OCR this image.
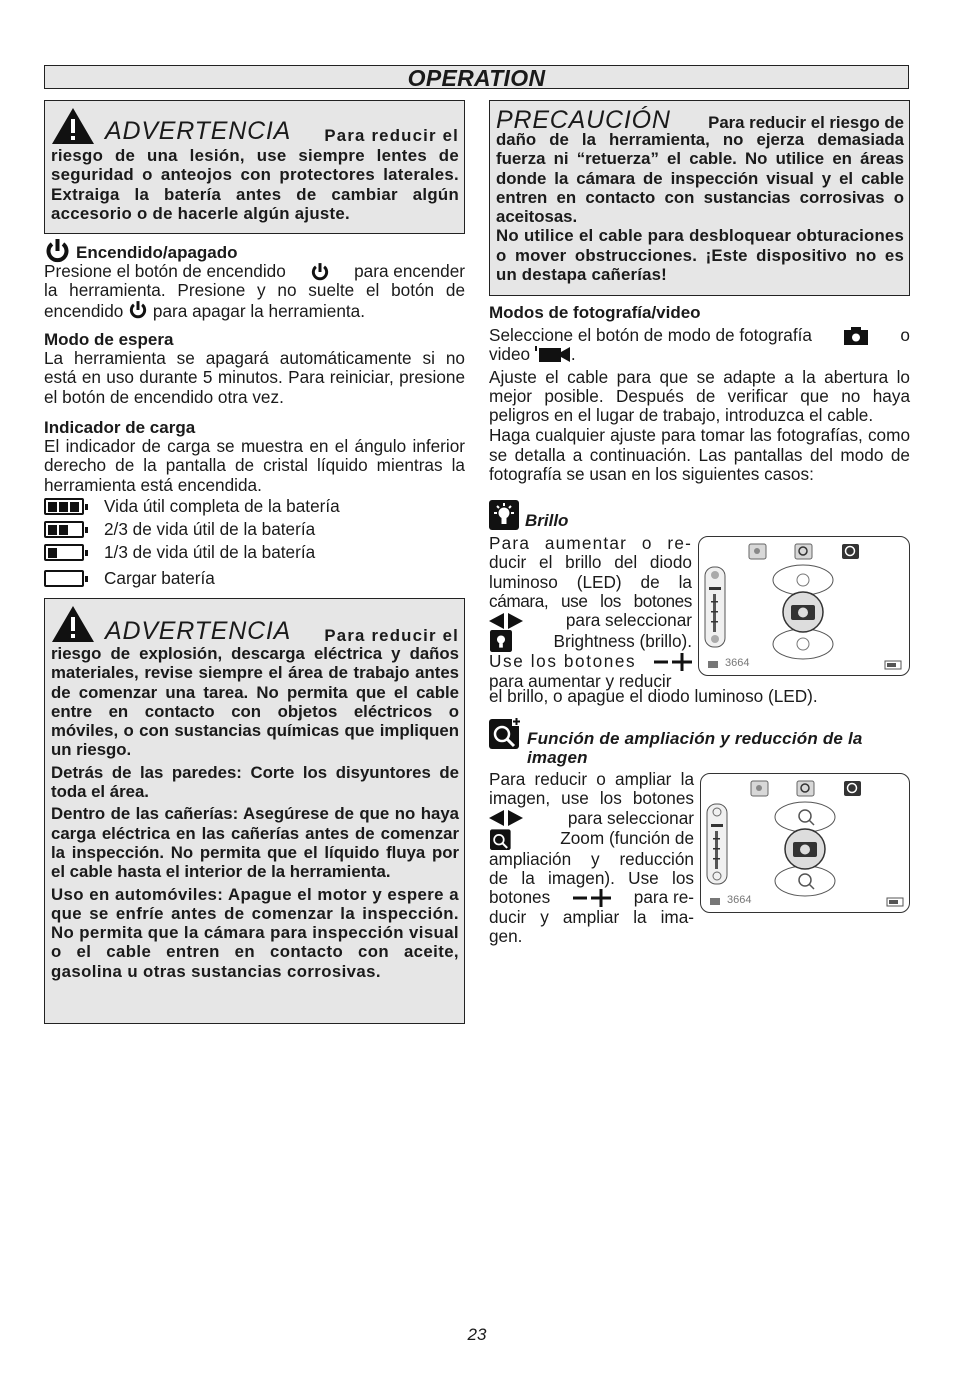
OPERATION
ADVERTENCIA Para reducir el
riesgo de una lesión, use siempre lentes de seguridad o anteojos con protectores laterales. Extraiga la batería antes de cambiar algún accesorio o de hacerle algún ajuste.
Encendido/apagado
Presione el botón de encendido	para encender
la herramienta. Presione y no suelte el botón de
encendido para apagar la herramienta.
Modo de espera
La herramienta se apagará automáticamente si no está en uso durante 5 minutos. Para reiniciar, presione el botón de encendido otra vez.
Indicador de carga
El indicador de carga se muestra en el ángulo inferior derecho de la pantalla de cristal líquido mientras la herramienta está encendida.
Vida útil completa de la batería
2/3 de vida útil de la batería
1/3 de vida útil de la batería
Cargar batería
ADVERTENCIA Para reducir el
riesgo de explosión, descarga eléctrica y daños materiales, revise siempre el área de trabajo antes de comenzar una tarea. No permita que el cable entre en contacto con objetos eléctricos o móviles, o con sustancias químicas que impliquen un riesgo.
Detrás de las paredes: Corte los disyuntores de toda el área.
Dentro de las cañerías: Asegúrese de que no haya carga eléctrica en las cañerías antes de comenzar la inspección. No permita que el líquido fluya por el cable hasta el interior de la herramienta.
Uso en automóviles: Apague el motor y espere a que se enfríe antes de comenzar la inspección. No permita que la cámara para inspección visual o el cable entren en contacto con aceite, gasolina u otras sustancias corrosivas.
PRECAUCIÓN Para reducir el riesgo de
daño de la herramienta, no ejerza demasiada fuerza ni “retuerza” el cable. No utilice en áreas donde la cámara de inspección visual y el cable entren en contacto con sustancias corrosivas o aceitosas.
No utilice el cable para desbloquear obturaciones o mover obstrucciones. ¡Este dispositivo no es un destapa cañerías!
Modos de fotografía/video
Seleccione el botón de modo de fotografía	o
video .
Ajuste el cable para que se adapte a la abertura lo mejor posible. Después de verificar que no haya peligros en el lugar de trabajo, introduzca el cable.
Haga cualquier ajuste para tomar las fotografías, como se detalla a continuación. Las pantallas del modo de fotografía se usan en los siguientes casos:
Brillo
Para aumentar o re-
ducir el brillo del diodo
luminoso (LED) de la
cámara, use los botones
para seleccionar
Brightness (brillo).
Use los botones
para aumentar y reducir
el brillo, o apague el diodo luminoso (LED).
3664
Función de ampliación y reducción de la imagen
Para reducir o ampliar la
imagen, use los botones
para seleccionar
Zoom (función de
ampliación y reducción
de la imagen). Use los
botones	para re-
ducir y ampliar la ima-
gen.
3664
23
